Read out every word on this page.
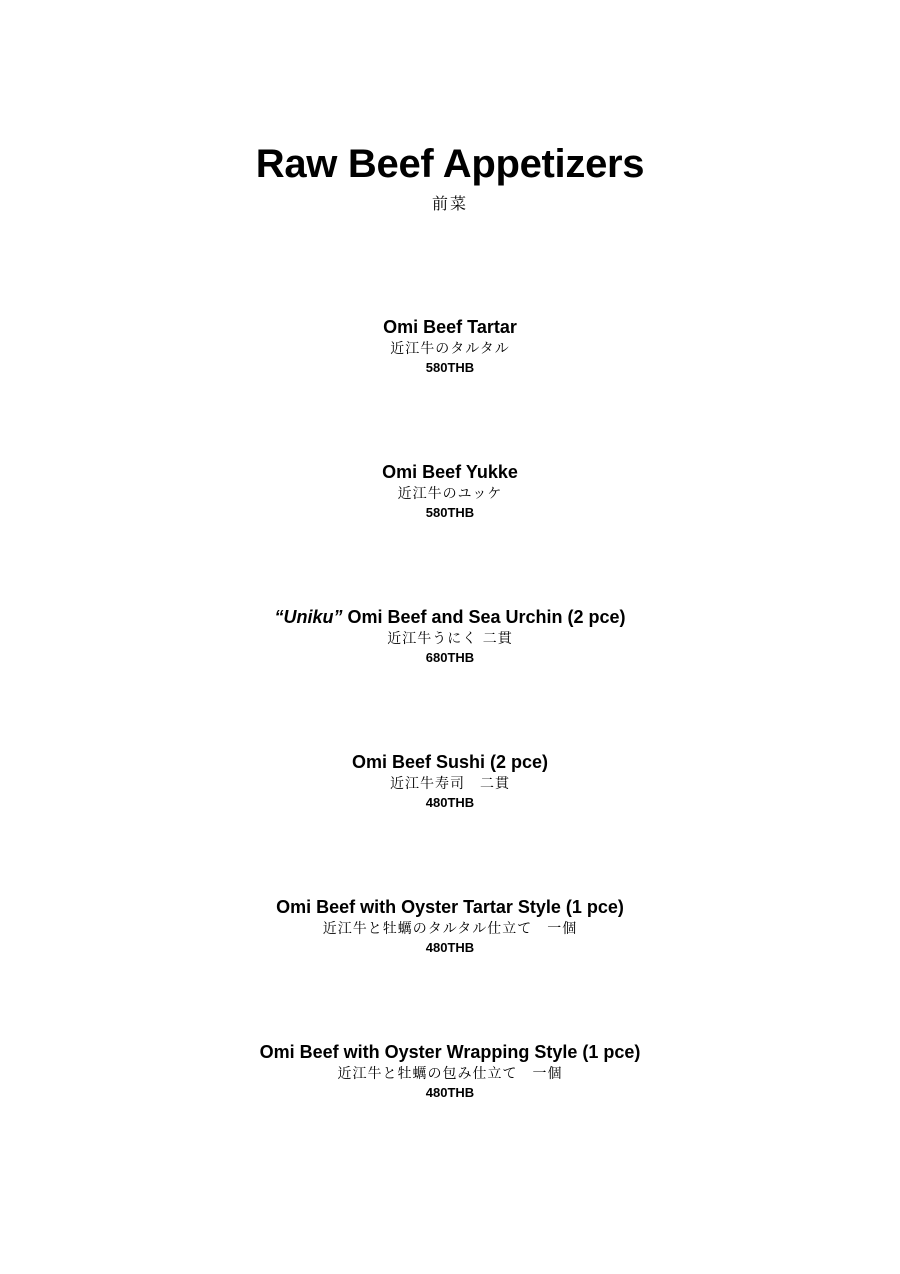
Raw Beef Appetizers
前菜
Omi Beef Tartar
近江牛のタルタル
580THB
Omi Beef Yukke
近江牛のユッケ
580THB
“Uniku” Omi Beef and Sea Urchin (2 pce)
近江牛うにく 二貫
680THB
Omi Beef Sushi (2 pce)
近江牛寿司　二貫
480THB
Omi Beef with Oyster Tartar Style (1 pce)
近江牛と牡蠣のタルタル仕立て　一個
480THB
Omi Beef with Oyster Wrapping Style (1 pce)
近江牛と牡蠣の包み仕立て　一個
480THB
